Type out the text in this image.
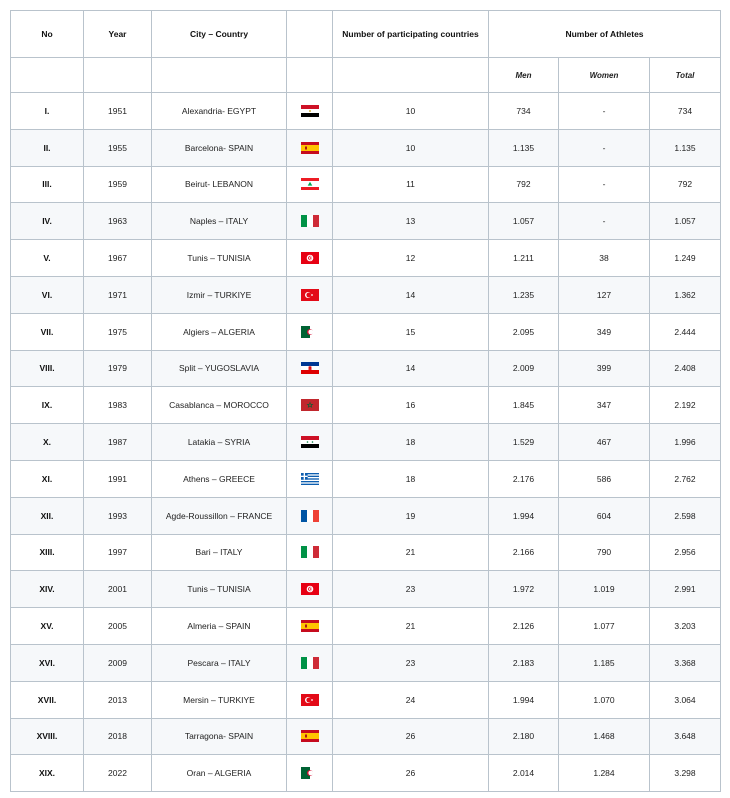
No	Year	City – Country		Number of participating countries	Number of Athletes		
					Men	Women	Total
I.	1951	Alexandria- EGYPT		10	734	-	734
II.	1955	Barcelona- SPAIN		10	1.135	-	1.135
III.	1959	Beirut- LEBANON		11	792	-	792
IV.	1963	Naples – ITALY		13	1.057	-	1.057
V.	1967	Tunis – TUNISIA		12	1.211	38	1.249
VI.	1971	Izmir – TURKIYE		14	1.235	127	1.362
VII.	1975	Algiers – ALGERIA		15	2.095	349	2.444
VIII.	1979	Split – YUGOSLAVIA		14	2.009	399	2.408
IX.	1983	Casablanca – MOROCCO		16	1.845	347	2.192
X.	1987	Latakia – SYRIA		18	1.529	467	1.996
XI.	1991	Athens – GREECE		18	2.176	586	2.762
XII.	1993	Agde-Roussillon – FRANCE		19	1.994	604	2.598
XIII.	1997	Bari – ITALY		21	2.166	790	2.956
XIV.	2001	Tunis – TUNISIA		23	1.972	1.019	2.991
XV.	2005	Almeria – SPAIN		21	2.126	1.077	3.203
XVI.	2009	Pescara – ITALY		23	2.183	1.185	3.368
XVII.	2013	Mersin – TURKIYE		24	1.994	1.070	3.064
XVIII.	2018	Tarragona- SPAIN		26	2.180	1.468	3.648
XIX.	2022	Oran – ALGERIA		26	2.014	1.284	3.298
